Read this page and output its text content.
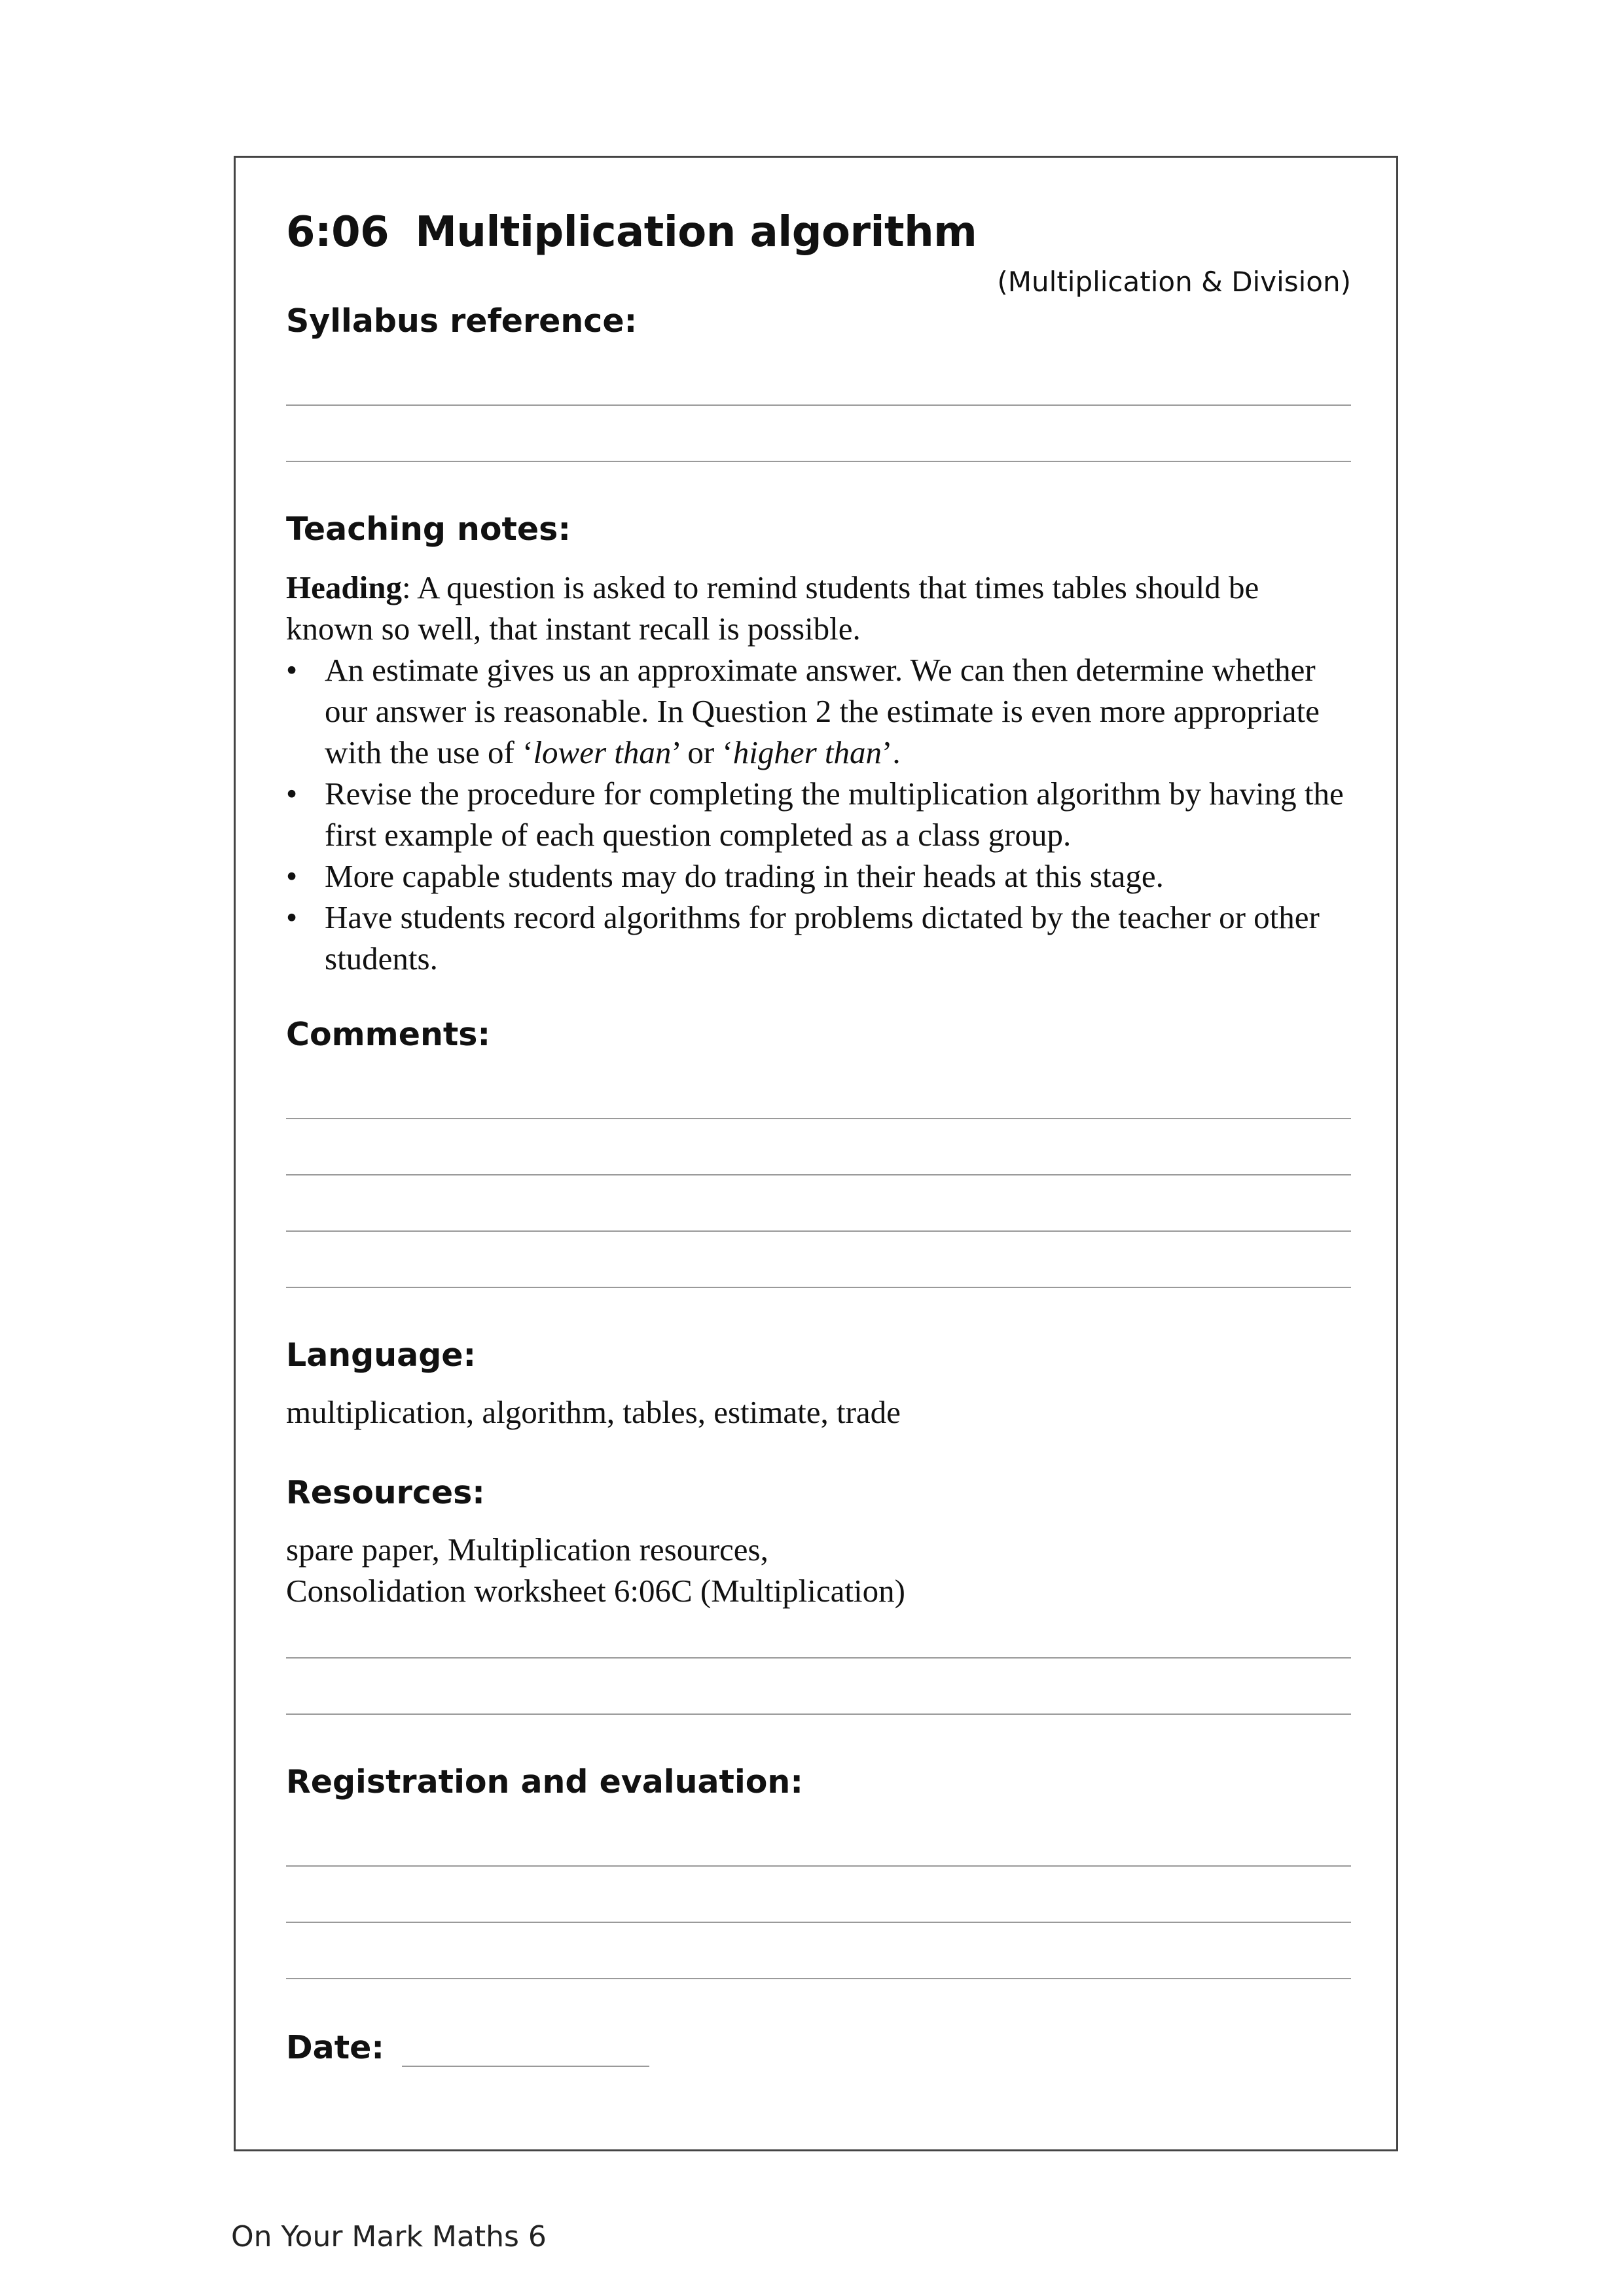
6:06 Multiplication algorithm
(Multiplication & Division)
Syllabus reference:
Teaching notes:

Heading: A question is asked to remind students that times tables should be known so well, that instant recall is possible.

• An estimate gives us an approximate answer. We can then determine whether our answer is reasonable. In Question 2 the estimate is even more appropriate with the use of ‘lower than’ or ‘higher than’.
• Revise the procedure for completing the multiplication algorithm by having the first example of each question completed as a class group.
• More capable students may do trading in their heads at this stage.
• Have students record algorithms for problems dictated by the teacher or other students.
Comments:
Language:
multiplication, algorithm, tables, estimate, trade
Resources:

spare paper, Multiplication resources,

Consolidation worksheet 6:06C (Multiplication)

Registration and evaluation:
Date:
On Your Mark Maths 6
